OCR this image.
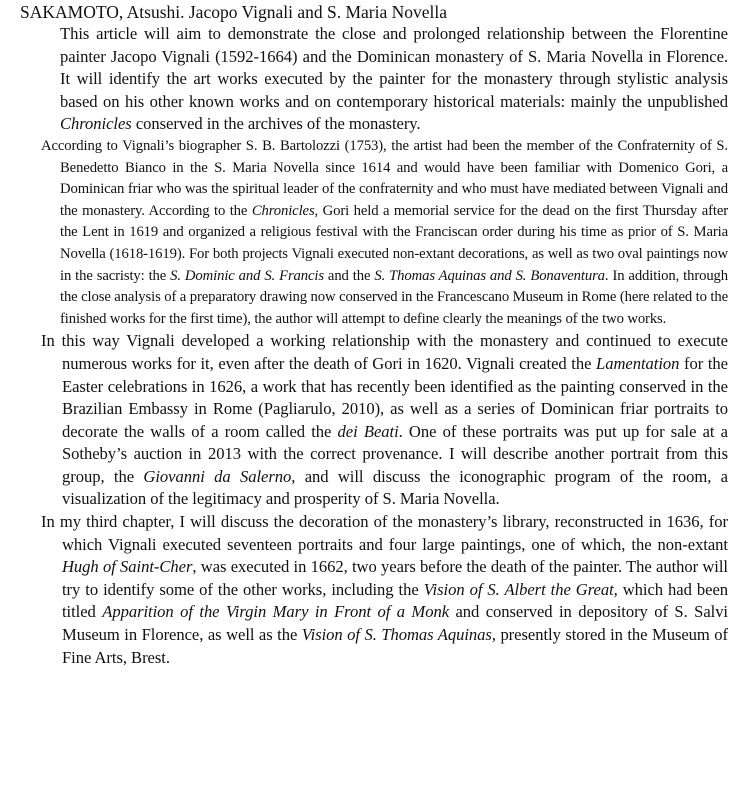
SAKAMOTO, Atsushi. Jacopo Vignali and S. Maria Novella

This article will aim to demonstrate the close and prolonged relationship between the Florentine painter Jacopo Vignali (1592-1664) and the Dominican monastery of S. Maria Novella in Florence. It will identify the art works executed by the painter for the monastery through stylistic analysis based on his other known works and on contemporary historical materials: mainly the unpublished Chronicles conserved in the archives of the monastery.

According to Vignali’s biographer S. B. Bartolozzi (1753), the artist had been the member of the Confraternity of S. Benedetto Bianco in the S. Maria Novella since 1614 and would have been familiar with Domenico Gori, a Dominican friar who was the spiritual leader of the confraternity and who must have mediated between Vignali and the monastery. According to the Chronicles, Gori held a memorial service for the dead on the first Thursday after the Lent in 1619 and organized a religious festival with the Franciscan order during his time as prior of S. Maria Novella (1618-1619). For both projects Vignali executed non-extant decorations, as well as two oval paintings now in the sacristy: the S. Dominic and S. Francis and the S. Thomas Aquinas and S. Bonaventura. In addition, through the close analysis of a preparatory drawing now conserved in the Francescano Museum in Rome (here related to the finished works for the first time), the author will attempt to define clearly the meanings of the two works.

In this way Vignali developed a working relationship with the monastery and continued to execute numerous works for it, even after the death of Gori in 1620. Vignali created the Lamentation for the Easter celebrations in 1626, a work that has recently been identified as the painting conserved in the Brazilian Embassy in Rome (Pagliarulo, 2010), as well as a series of Dominican friar portraits to decorate the walls of a room called the dei Beati. One of these portraits was put up for sale at a Sotheby’s auction in 2013 with the correct provenance. I will describe another portrait from this group, the Giovanni da Salerno, and will discuss the iconographic program of the room, a visualization of the legitimacy and prosperity of S. Maria Novella.

In my third chapter, I will discuss the decoration of the monastery’s library, reconstructed in 1636, for which Vignali executed seventeen portraits and four large paintings, one of which, the non-extant Hugh of Saint-Cher, was executed in 1662, two years before the death of the painter. The author will try to identify some of the other works, including the Vision of S. Albert the Great, which had been titled Apparition of the Virgin Mary in Front of a Monk and conserved in depository of S. Salvi Museum in Florence, as well as the Vision of S. Thomas Aquinas, presently stored in the Museum of Fine Arts, Brest.
